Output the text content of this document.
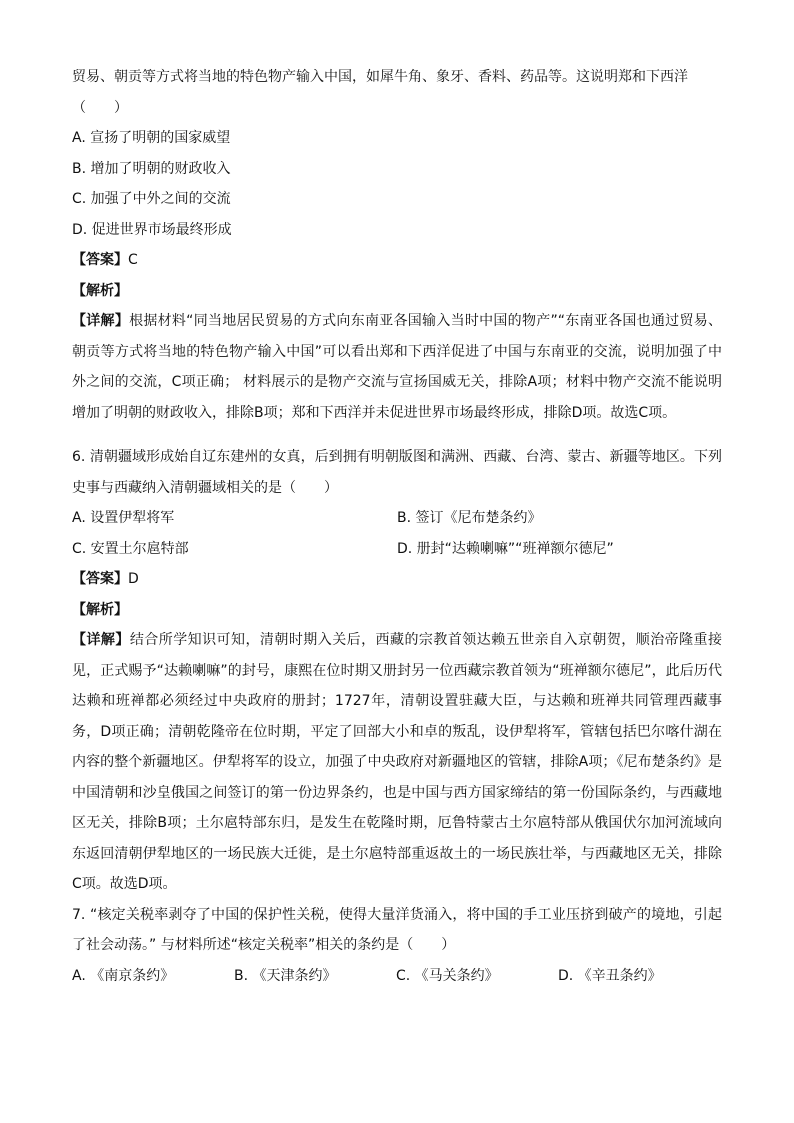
贸易、朝贡等方式将当地的特色物产输入中国，如犀牛角、象牙、香料、药品等。这说明郑和下西洋
（　　）
A. 宣扬了明朝的国家威望
B. 增加了明朝的财政收入
C. 加强了中外之间的交流
D. 促进世界市场最终形成
【答案】C
【解析】
【详解】根据材料“同当地居民贸易的方式向东南亚各国输入当时中国的物产”“东南亚各国也通过贸易、朝贡等方式将当地的特色物产输入中国”可以看出郑和下西洋促进了中国与东南亚的交流，说明加强了中外之间的交流，C项正确； 材料展示的是物产交流与宣扬国威无关，排除A项；材料中物产交流不能说明增加了明朝的财政收入，排除B项；郑和下西洋并未促进世界市场最终形成，排除D项。故选C项。
6. 清朝疆域形成始自辽东建州的女真，后到拥有明朝版图和满洲、西藏、台湾、蒙古、新疆等地区。下列史事与西藏纳入清朝疆域相关的是（　　）
A. 设置伊犁将军	B. 签订《尼布楚条约》
C. 安置土尔扈特部	D. 册封“达赖喇嘛”“班禅额尔德尼”
【答案】D
【解析】
【详解】结合所学知识可知，清朝时期入关后，西藏的宗教首领达赖五世亲自入京朝贺，顺治帝隆重接见，正式赐予“达赖喇嘛”的封号，康熙在位时期又册封另一位西藏宗教首领为“班禅额尔德尼”，此后历代达赖和班禅都必须经过中央政府的册封；1727年，清朝设置驻藏大臣，与达赖和班禅共同管理西藏事务，D项正确；清朝乾隆帝在位时期，平定了回部大小和卓的叛乱，设伊犁将军，管辖包括巴尔喀什湖在内容的整个新疆地区。伊犁将军的设立，加强了中央政府对新疆地区的管辖，排除A项；《尼布楚条约》是中国清朝和沙皇俄国之间签订的第一份边界条约，也是中国与西方国家缔结的第一份国际条约，与西藏地区无关，排除B项；土尔扈特部东归，是发生在乾隆时期，厄鲁特蒙古土尔扈特部从俄国伏尔加河流域向东返回清朝伊犁地区的一场民族大迁徙，是土尔扈特部重返故土的一场民族壮举，与西藏地区无关，排除C项。故选D项。
7. “核定关税率剥夺了中国的保护性关税，使得大量洋货涌入，将中国的手工业压挤到破产的境地，引起了社会动荡。” 与材料所述“核定关税率”相关的条约是（　　）
A. 《南京条约》	B. 《天津条约》	C. 《马关条约》	D. 《辛丑条约》
